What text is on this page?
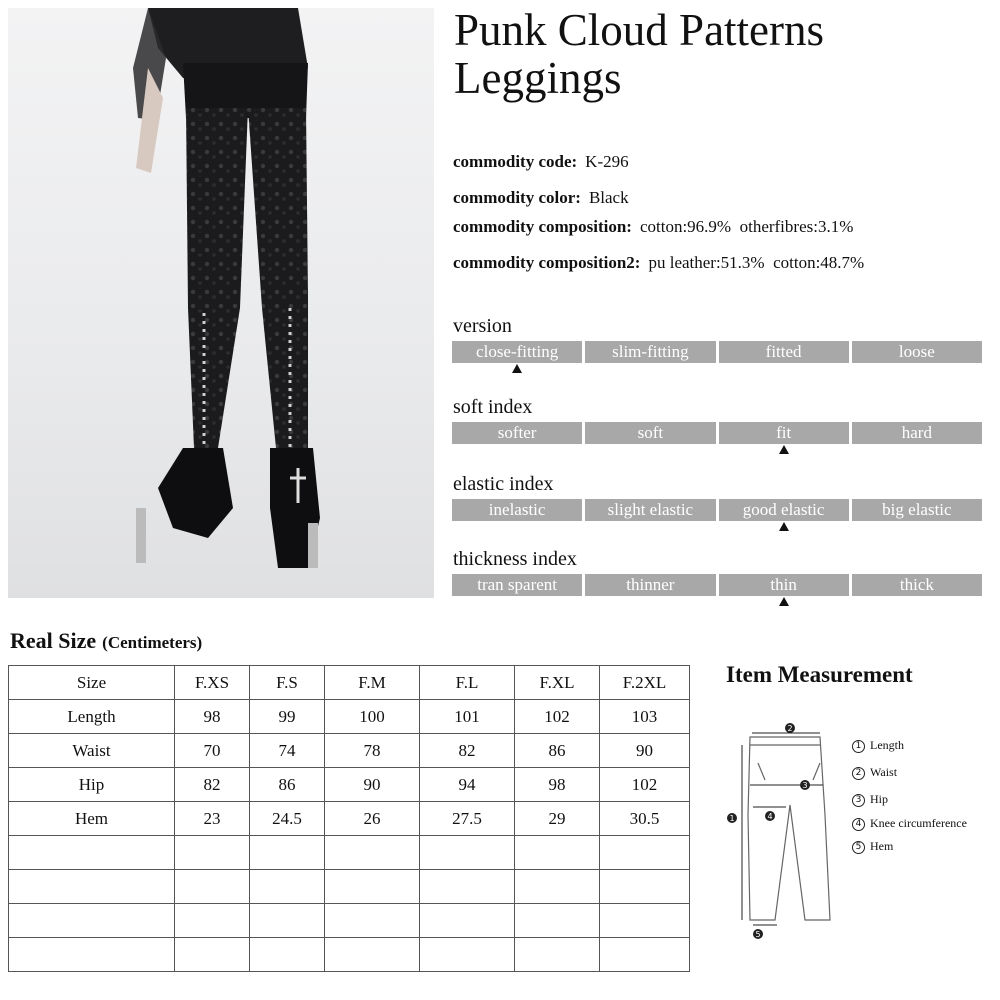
Punk Cloud Patterns
Leggings
commodity code: K-296
commodity color: Black
commodity composition: cotton:96.9%  otherfibres:3.1%
commodity composition2: pu leather:51.3%  cotton:48.7%
version
close-fitting	slim-fitting	fitted	loose
soft index
softer	soft	fit	hard
elastic index
inelastic	slight elastic	good elastic	big elastic
thickness index
tran sparent	thinner	thin	thick
Real Size (Centimeters)
Size	F.XS	F.S	F.M	F.L	F.XL	F.2XL
Length	98	99	100	101	102	103
Waist	70	74	78	82	86	90
Hip	82	86	90	94	98	102
Hem	23	24.5	26	27.5	29	30.5

Item Measurement
2
3
4
1
5
1 Length
2 Waist
3 Hip
4 Knee circumference
5 Hem
